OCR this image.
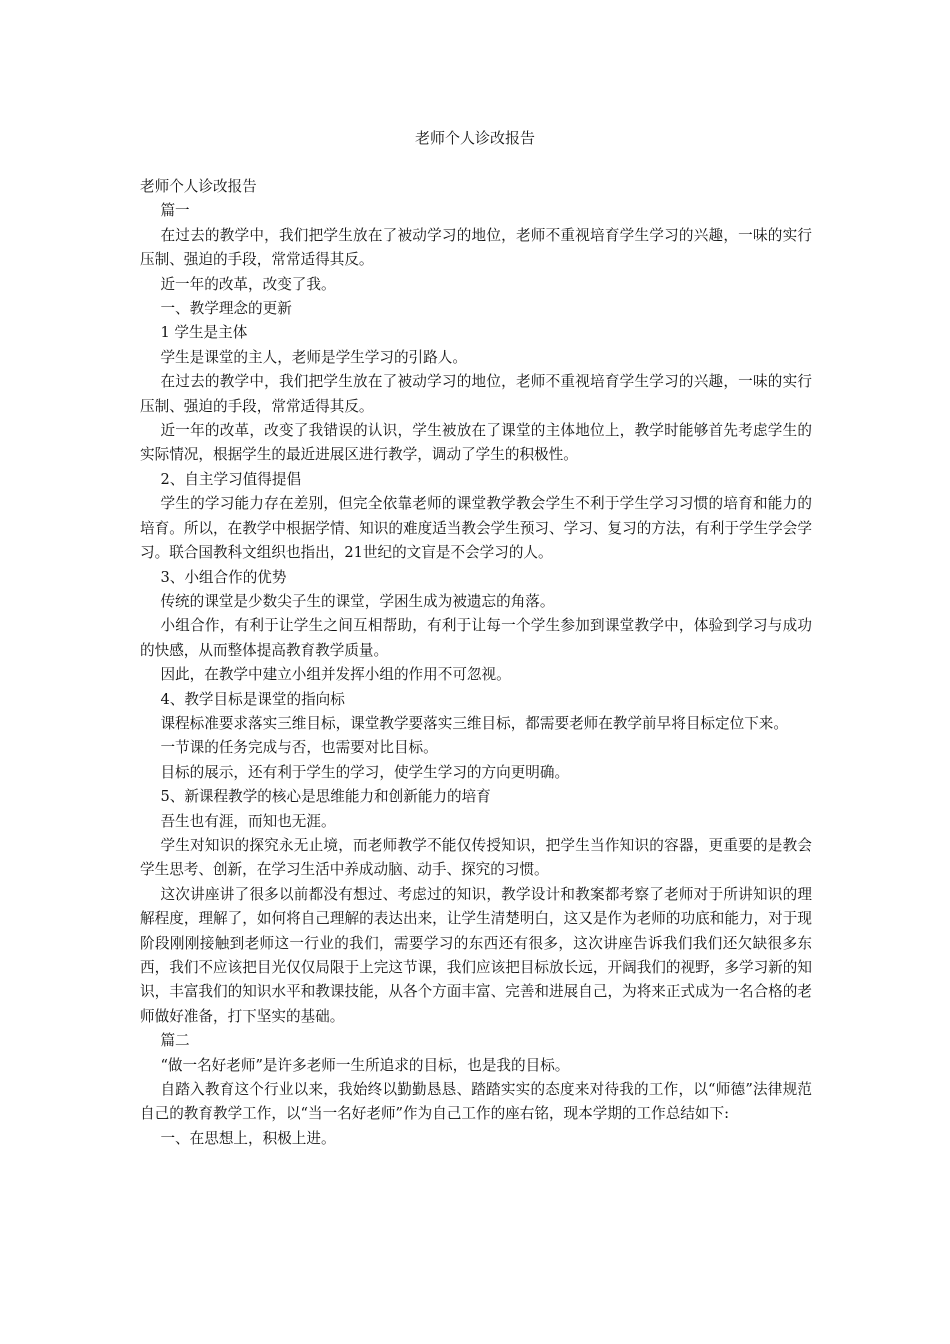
老师个人诊改报告

老师个人诊改报告

篇一

在过去的教学中，我们把学生放在了被动学习的地位，老师不重视培育学生学习的兴趣，一味的实行压制、强迫的手段，常常适得其反。

近一年的改革，改变了我。

一、教学理念的更新

1 学生是主体

学生是课堂的主人，老师是学生学习的引路人。

在过去的教学中，我们把学生放在了被动学习的地位，老师不重视培育学生学习的兴趣，一味的实行压制、强迫的手段，常常适得其反。

近一年的改革，改变了我错误的认识，学生被放在了课堂的主体地位上，教学时能够首先考虑学生的实际情况，根据学生的最近进展区进行教学，调动了学生的积极性。

2、自主学习值得提倡

学生的学习能力存在差别，但完全依靠老师的课堂教学教会学生不利于学生学习习惯的培育和能力的培育。所以，在教学中根据学情、知识的难度适当教会学生预习、学习、复习的方法，有利于学生学会学习。联合国教科文组织也指出，21世纪的文盲是不会学习的人。

3、小组合作的优势

传统的课堂是少数尖子生的课堂，学困生成为被遗忘的角落。

小组合作，有利于让学生之间互相帮助，有利于让每一个学生参加到课堂教学中，体验到学习与成功的快感，从而整体提高教育教学质量。

因此，在教学中建立小组并发挥小组的作用不可忽视。

4、教学目标是课堂的指向标

课程标准要求落实三维目标，课堂教学要落实三维目标，都需要老师在教学前早将目标定位下来。

一节课的任务完成与否，也需要对比目标。

目标的展示，还有利于学生的学习，使学生学习的方向更明确。

5、新课程教学的核心是思维能力和创新能力的培育

吾生也有涯，而知也无涯。

学生对知识的探究永无止境，而老师教学不能仅传授知识，把学生当作知识的容器，更重要的是教会学生思考、创新，在学习生活中养成动脑、动手、探究的习惯。

这次讲座讲了很多以前都没有想过、考虑过的知识，教学设计和教案都考察了老师对于所讲知识的理解程度，理解了，如何将自己理解的表达出来，让学生清楚明白，这又是作为老师的功底和能力，对于现阶段刚刚接触到老师这一行业的我们，需要学习的东西还有很多，这次讲座告诉我们我们还欠缺很多东西，我们不应该把目光仅仅局限于上完这节课，我们应该把目标放长远，开阔我们的视野，多学习新的知识，丰富我们的知识水平和教课技能，从各个方面丰富、完善和进展自己，为将来正式成为一名合格的老师做好准备，打下坚实的基础。

篇二

“做一名好老师”是许多老师一生所追求的目标，也是我的目标。

自踏入教育这个行业以来，我始终以勤勤恳恳、踏踏实实的态度来对待我的工作，以“师德”法律规范自己的教育教学工作，以“当一名好老师”作为自己工作的座右铭，现本学期的工作总结如下:

一、在思想上，积极上进。
